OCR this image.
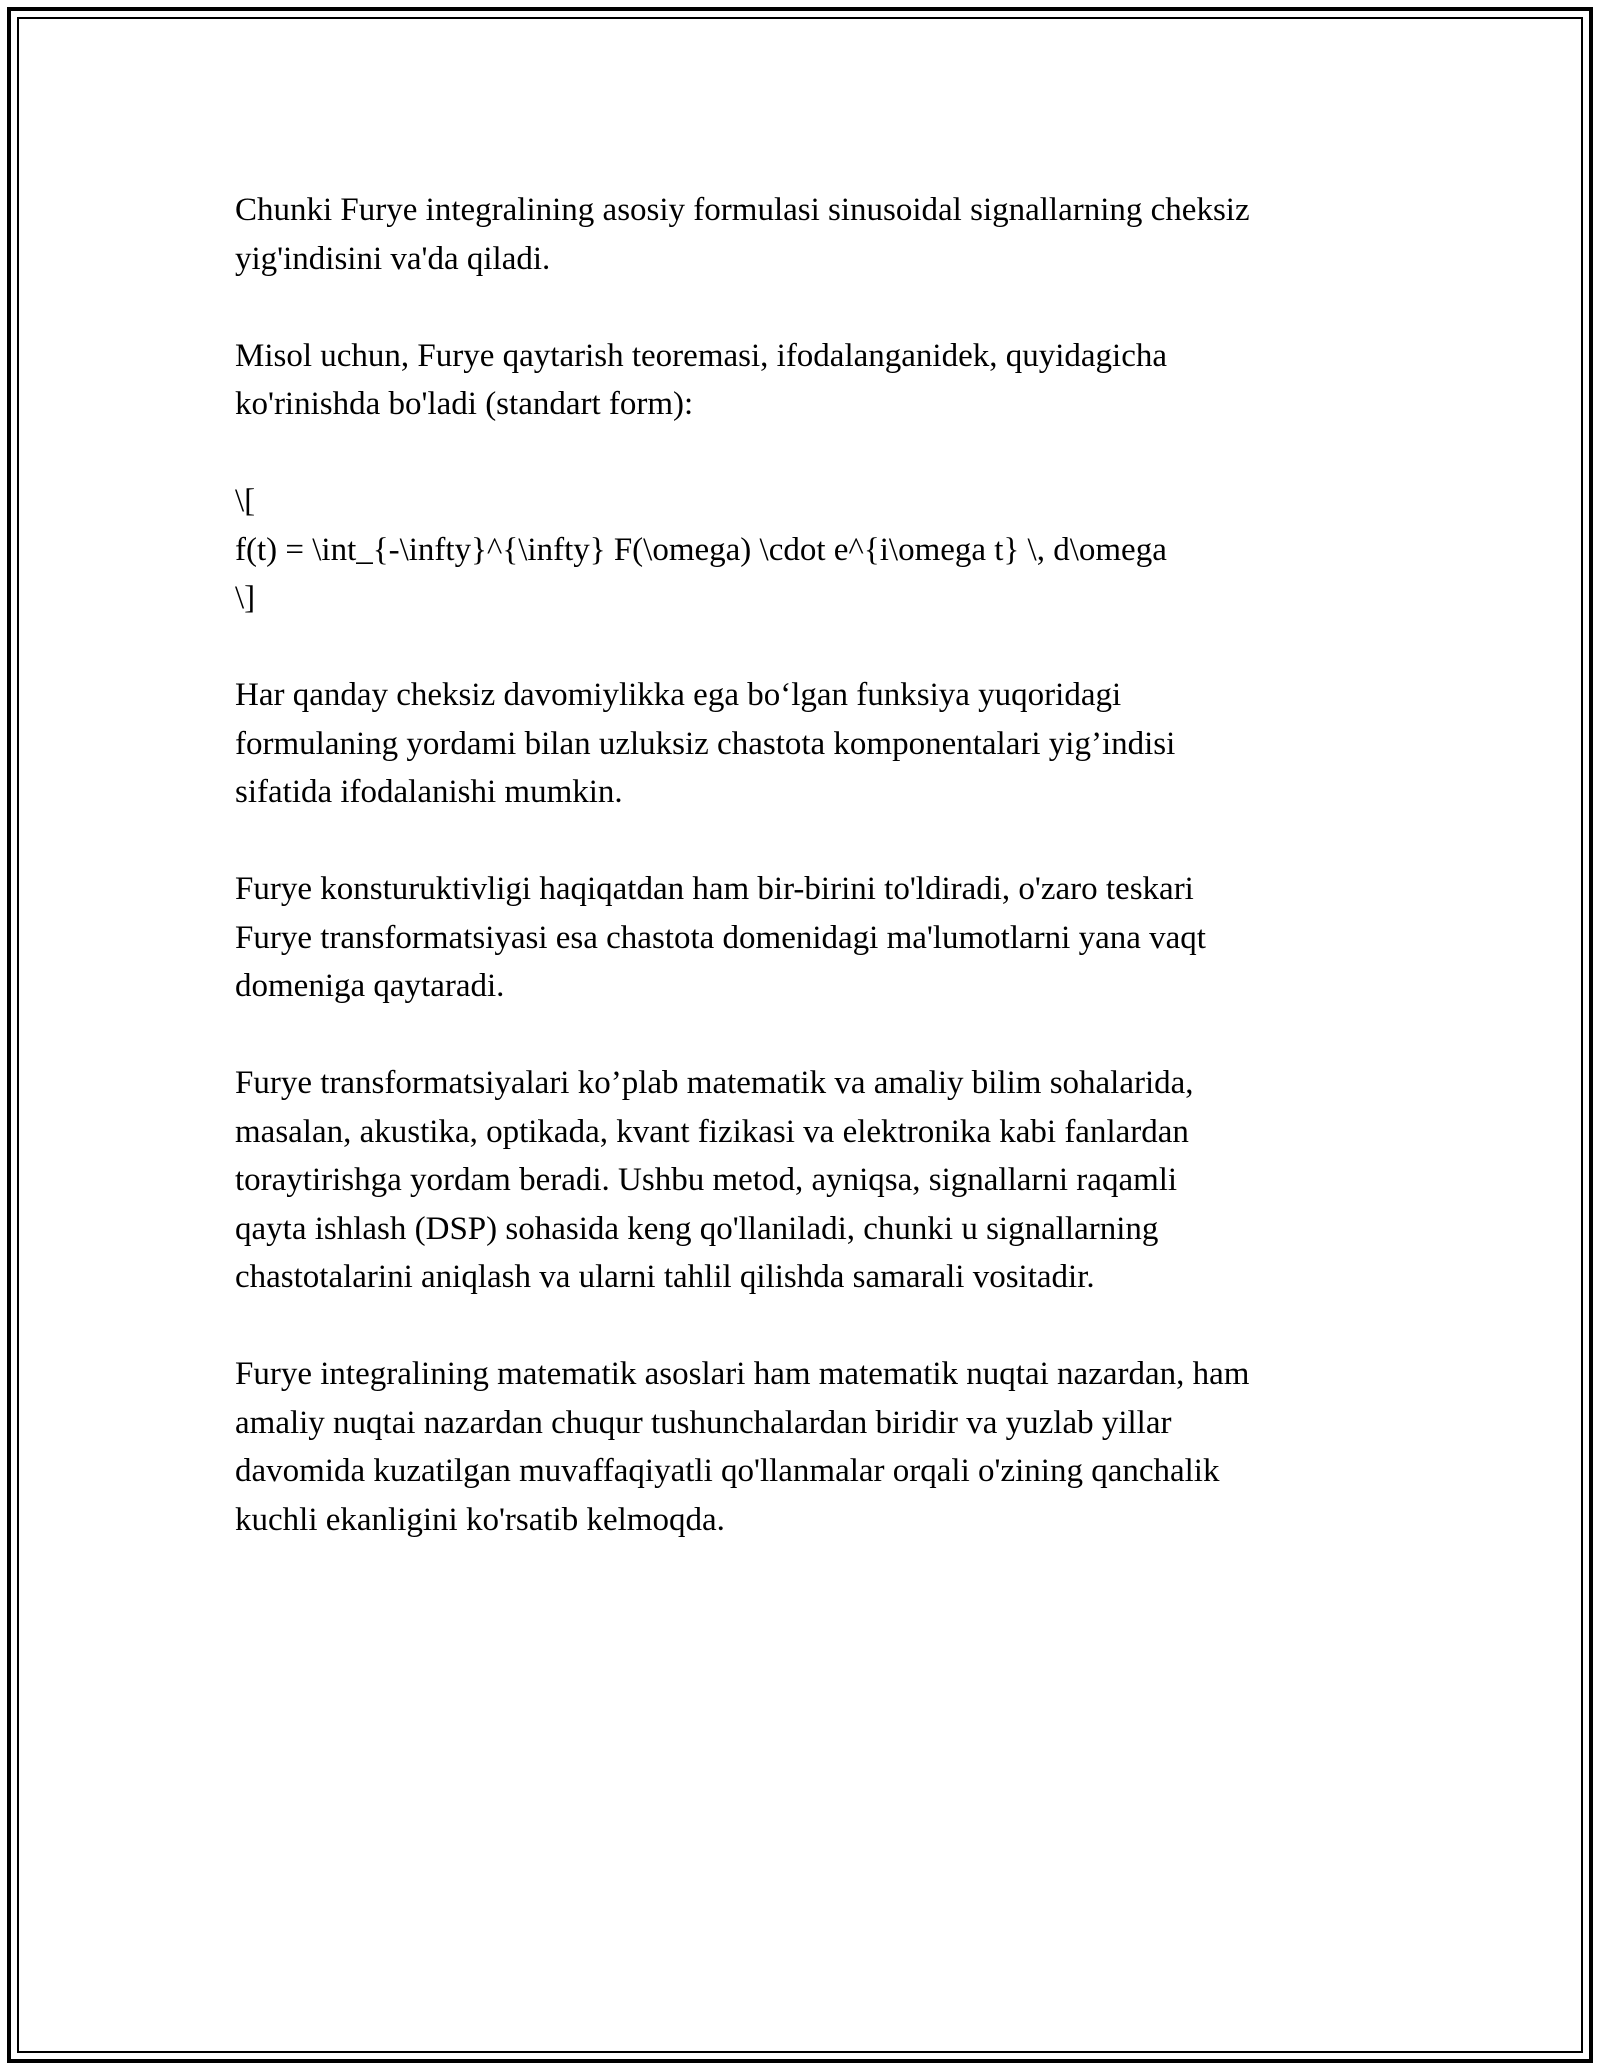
Chunki Furye integralining asosiy formulasi sinusoidal signallarning cheksiz
yig'indisini va'da qiladi.

Misol uchun, Furye qaytarish teoremasi, ifodalanganidek, quyidagicha
ko'rinishda bo'ladi (standart form):

\[
f(t) = \int_{-\infty}^{\infty} F(\omega) \cdot e^{i\omega t} \, d\omega
\]

Har qanday cheksiz davomiylikka ega bo‘lgan funksiya yuqoridagi
formulaning yordami bilan uzluksiz chastota komponentalari yig’indisi
sifatida ifodalanishi mumkin.

Furye konsturuktivligi haqiqatdan ham bir-birini to'ldiradi, o'zaro teskari
Furye transformatsiyasi esa chastota domenidagi ma'lumotlarni yana vaqt
domeniga qaytaradi.

Furye transformatsiyalari ko’plab matematik va amaliy bilim sohalarida,
masalan, akustika, optikada, kvant fizikasi va elektronika kabi fanlardan
toraytirishga yordam beradi. Ushbu metod, ayniqsa, signallarni raqamli
qayta ishlash (DSP) sohasida keng qo'llaniladi, chunki u signallarning
chastotalarini aniqlash va ularni tahlil qilishda samarali vositadir.

Furye integralining matematik asoslari ham matematik nuqtai nazardan, ham
amaliy nuqtai nazardan chuqur tushunchalardan biridir va yuzlab yillar
davomida kuzatilgan muvaffaqiyatli qo'llanmalar orqali o'zining qanchalik
kuchli ekanligini ko'rsatib kelmoqda.
